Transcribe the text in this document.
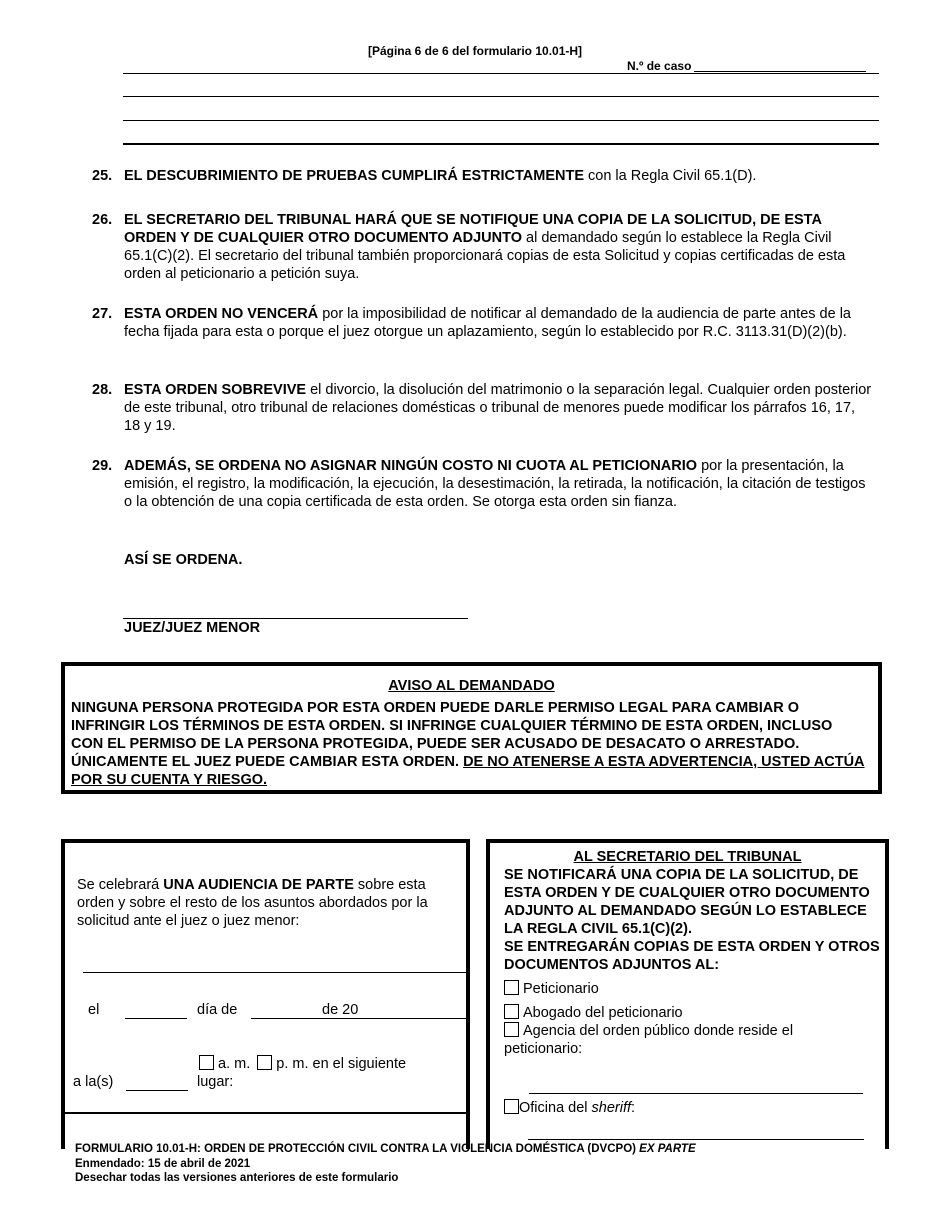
[Página 6 de 6 del formulario 10.01-H]
N.º de caso
25. EL DESCUBRIMIENTO DE PRUEBAS CUMPLIRÁ ESTRICTAMENTE con la Regla Civil 65.1(D).
26. EL SECRETARIO DEL TRIBUNAL HARÁ QUE SE NOTIFIQUE UNA COPIA DE LA SOLICITUD, DE ESTA ORDEN Y DE CUALQUIER OTRO DOCUMENTO ADJUNTO al demandado según lo establece la Regla Civil 65.1(C)(2). El secretario del tribunal también proporcionará copias de esta Solicitud y copias certificadas de esta orden al peticionario a petición suya.
27. ESTA ORDEN NO VENCERÁ por la imposibilidad de notificar al demandado de la audiencia de parte antes de la fecha fijada para esta o porque el juez otorgue un aplazamiento, según lo establecido por R.C. 3113.31(D)(2)(b).
28. ESTA ORDEN SOBREVIVE el divorcio, la disolución del matrimonio o la separación legal. Cualquier orden posterior de este tribunal, otro tribunal de relaciones domésticas o tribunal de menores puede modificar los párrafos 16, 17, 18 y 19.
29. ADEMÁS, SE ORDENA NO ASIGNAR NINGÚN COSTO NI CUOTA AL PETICIONARIO por la presentación, la emisión, el registro, la modificación, la ejecución, la desestimación, la retirada, la notificación, la citación de testigos o la obtención de una copia certificada de esta orden. Se otorga esta orden sin fianza.
ASÍ SE ORDENA.
JUEZ/JUEZ MENOR
AVISO AL DEMANDADO
NINGUNA PERSONA PROTEGIDA POR ESTA ORDEN PUEDE DARLE PERMISO LEGAL PARA CAMBIAR O INFRINGIR LOS TÉRMINOS DE ESTA ORDEN. SI INFRINGE CUALQUIER TÉRMINO DE ESTA ORDEN, INCLUSO CON EL PERMISO DE LA PERSONA PROTEGIDA, PUEDE SER ACUSADO DE DESACATO O ARRESTADO. ÚNICAMENTE EL JUEZ PUEDE CAMBIAR ESTA ORDEN. DE NO ATENERSE A ESTA ADVERTENCIA, USTED ACTÚA POR SU CUENTA Y RIESGO.
Se celebrará UNA AUDIENCIA DE PARTE sobre esta orden y sobre el resto de los asuntos abordados por la solicitud ante el juez o juez menor:
el	día de	de 20
a. m. p. m. en el siguiente
a la(s)	lugar:
AL SECRETARIO DEL TRIBUNAL
SE NOTIFICARÁ UNA COPIA DE LA SOLICITUD, DE ESTA ORDEN Y DE CUALQUIER OTRO DOCUMENTO ADJUNTO AL DEMANDADO SEGÚN LO ESTABLECE LA REGLA CIVIL 65.1(C)(2).
SE ENTREGARÁN COPIAS DE ESTA ORDEN Y OTROS DOCUMENTOS ADJUNTOS AL:
Peticionario
Abogado del peticionario
Agencia del orden público donde reside el peticionario:
Oficina del sheriff:
FORMULARIO 10.01-H: ORDEN DE PROTECCIÓN CIVIL CONTRA LA VIOLENCIA DOMÉSTICA (DVCPO) EX PARTE
Enmendado: 15 de abril de 2021
Desechar todas las versiones anteriores de este formulario
